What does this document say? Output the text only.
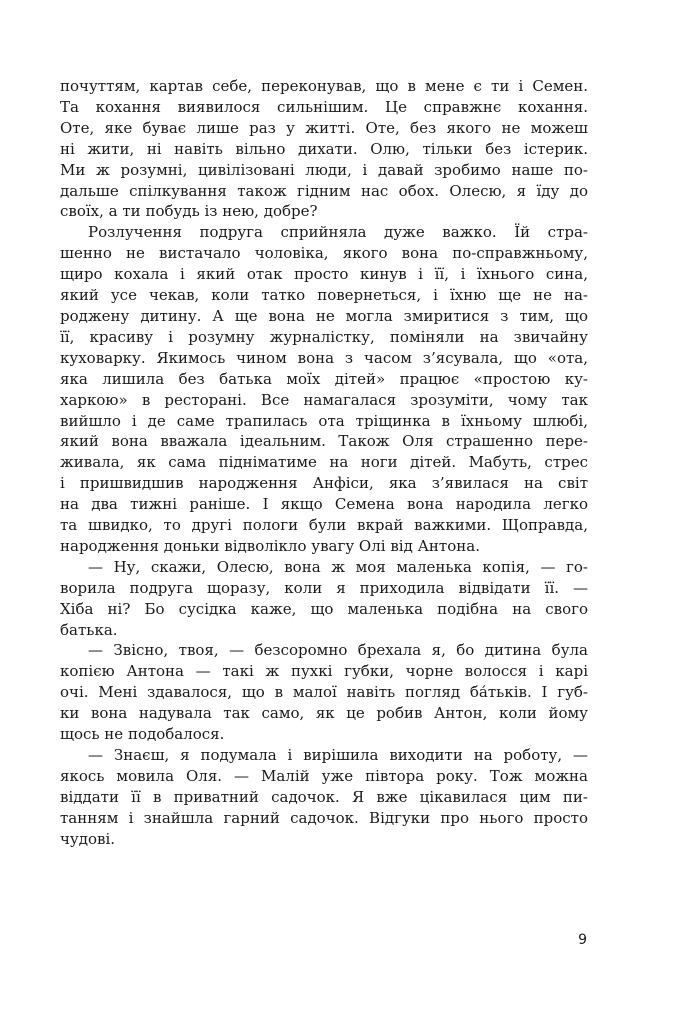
почуттям, картав себе, переконував, що в мене є ти і Семен.

Та кохання виявилося сильнішим. Це справжнє кохання.

Оте, яке буває лише раз у житті. Оте, без якого не можеш

ні жити, ні навіть вільно дихати. Олю, тільки без істерик.

Ми ж розумні, цивілізовані люди, і давай зробимо наше по-

дальше спілкування також гідним нас обох. Олесю, я їду до

своїх, а ти побудь із нею, добре?

Розлучення подруга сприйняла дуже важко. Їй стра-

шенно не вистачало чоловіка, якого вона по-справжньому,

щиро кохала і який отак просто кинув і її, і їхнього сина,

який усе чекав, коли татко повернеться, і їхню ще не на-

роджену дитину. А ще вона не могла змиритися з тим, що

її, красиву і розумну журналістку, поміняли на звичайну

куховарку. Якимось чином вона з часом з’ясувала, що «ота,

яка лишила без батька моїх дітей» працює «простою ку-

харкою» в ресторані. Все намагалася зрозуміти, чому так

вийшло і де саме трапилась ота тріщинка в їхньому шлюбі,

який вона вважала ідеальним. Також Оля страшенно пере-

живала, як сама підніматиме на ноги дітей. Мабуть, стрес

і пришвидшив народження Анфіси, яка з’явилася на світ

на два тижні раніше. І якщо Семена вона народила легко

та швидко, то другі пологи були вкрай важкими. Щоправда,

народження доньки відволікло увагу Олі від Антона.

— Ну, скажи, Олесю, вона ж моя маленька копія, — го-

ворила подруга щоразу, коли я приходила відвідати її. —

Хіба ні? Бо сусідка каже, що маленька подібна на свого

батька.

— Звісно, твоя, — безсоромно брехала я, бо дитина була

копією Антона — такі ж пухкі губки, чорне волосся і карі

очі. Мені здавалося, що в малої навіть погляд ба́тьків. І губ-

ки вона надувала так само, як це робив Антон, коли йому

щось не подобалося.

— Знаєш, я подумала і вирішила виходити на роботу, —

якось мовила Оля. — Малій уже півтора року. Тож можна

віддати її в приватний садочок. Я вже цікавилася цим пи-

танням і знайшла гарний садочок. Відгуки про нього просто

чудові.

9
